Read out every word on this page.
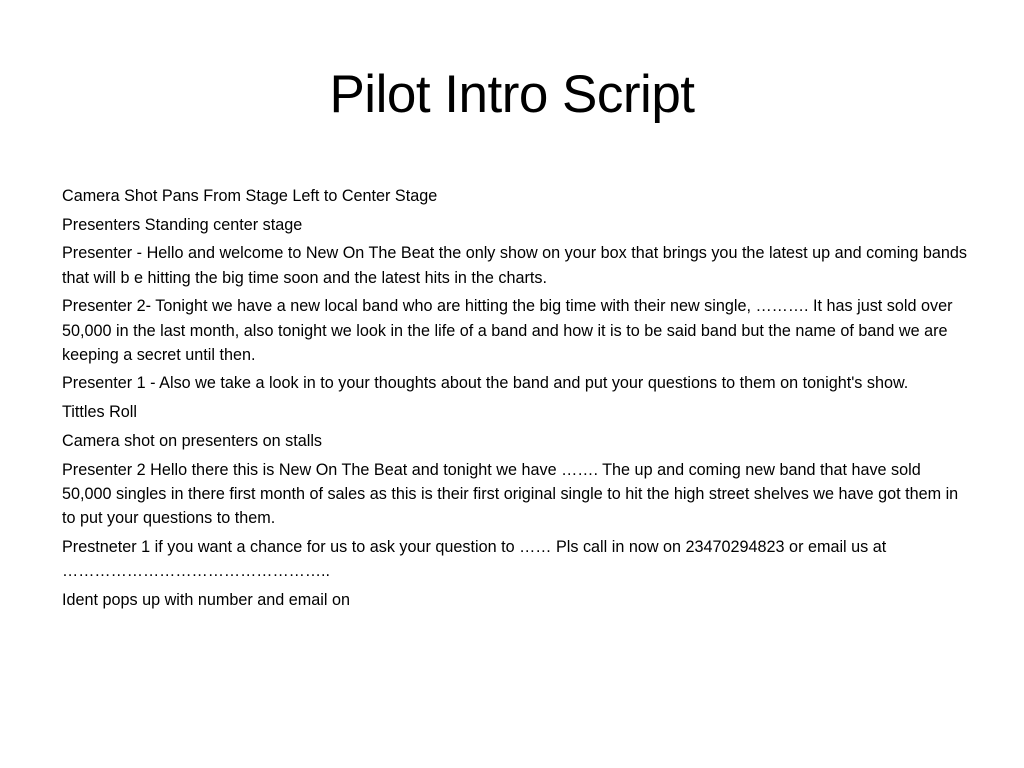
Pilot Intro Script
Camera Shot Pans From Stage Left to Center Stage
Presenters Standing center stage
Presenter - Hello and welcome to New On The Beat the only show on your box that brings you the latest up and coming bands that will b e hitting the big time soon and the latest hits in the charts.
Presenter 2- Tonight we have a new local band who are hitting the big time with their new single, ………. It has just sold over 50,000 in the last month, also tonight we look in the life of a band and how it is to be said band but the name of band we are keeping a secret until then.
Presenter 1 - Also we take a look in to your thoughts about the band and put your questions to them on tonight's show.
Tittles Roll
Camera shot on presenters on stalls
Presenter 2 Hello there this is New On The Beat and tonight we have ……. The up and coming new band that have sold 50,000 singles in there first month of sales as this is their first original single to hit the high street shelves we have got them in to put your questions to them.
Prestneter 1 if you want a chance for us to ask your question to …… Pls call in now on 23470294823 or email us at …………………………………………..
Ident pops up with number and email on
